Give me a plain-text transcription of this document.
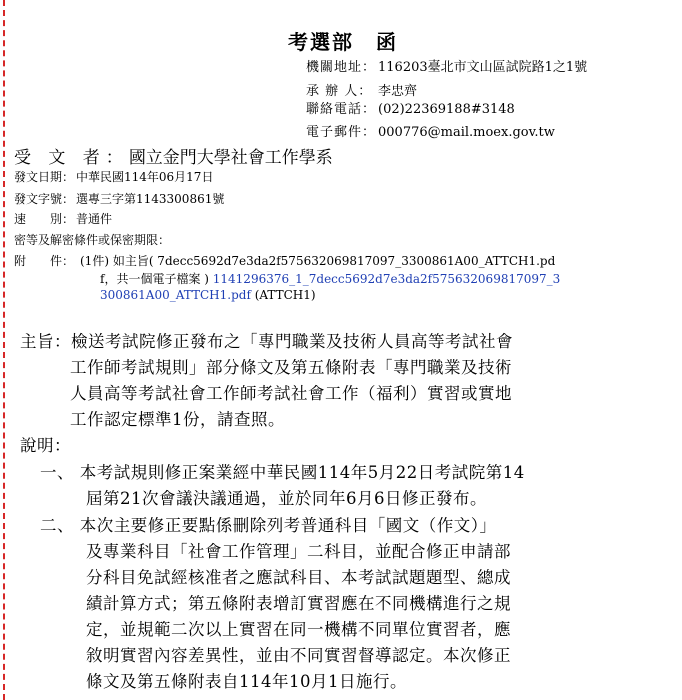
考選部　函
機關地址： 116203臺北市文山區試院路1之1號
承 辦 人： 李忠齊
聯絡電話： (02)22369188#3148
電子郵件： 000776@mail.moex.gov.tw
受 文 者：國立金門大學社會工作學系
發文日期： 中華民國114年06月17日
發文字號： 選專三字第1143300861號
速　　別： 普通件
密等及解密條件或保密期限：
附　　件： (1件) 如主旨( 7decc5692d7e3da2f575632069817097_3300861A00_ATTCH1.pd
f，共一個電子檔案 ) 1141296376_1_7decc5692d7e3da2f575632069817097_3
300861A00_ATTCH1.pdf (ATTCH1)
主旨：檢送考試院修正發布之「專門職業及技術人員高等考試社會
工作師考試規則」部分條文及第五條附表「專門職業及技術
人員高等考試社會工作師考試社會工作（福利）實習或實地
工作認定標準1份，請查照。
說明：
一、 本考試規則修正案業經中華民國114年5月22日考試院第14
屆第21次會議決議通過，並於同年6月6日修正發布。
二、 本次主要修正要點係刪除列考普通科目「國文（作文）」
及專業科目「社會工作管理」二科目，並配合修正申請部
分科目免試經核准者之應試科目、本考試試題題型、總成
績計算方式；第五條附表增訂實習應在不同機構進行之規
定，並規範二次以上實習在同一機構不同單位實習者，應
敘明實習內容差異性，並由不同實習督導認定。本次修正
條文及第五條附表自114年10月1日施行。
